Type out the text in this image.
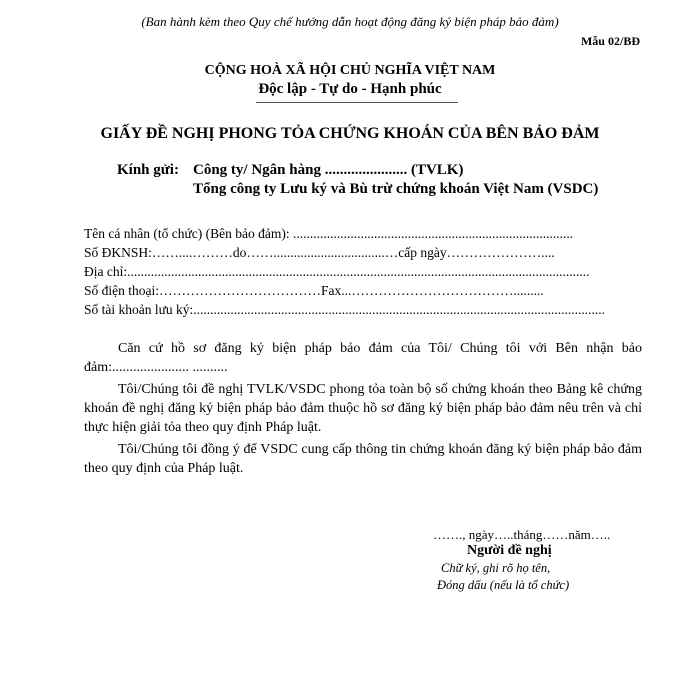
(Ban hành kèm theo Quy chế hướng dẫn hoạt động đăng ký biện pháp bảo đảm)
Mẫu 02/BĐ
CỘNG HOÀ XÃ HỘI CHỦ NGHĨA VIỆT NAM
Độc lập - Tự do - Hạnh phúc
GIẤY ĐỀ NGHỊ PHONG TỎA CHỨNG KHOÁN CỦA BÊN BẢO ĐẢM
Kính gửi: Công ty/ Ngân hàng ...................... (TVLK)
Tổng công ty Lưu ký và Bù trừ chứng khoán Việt Nam (VSDC)
Tên cá nhân (tổ chức) (Bên bảo đảm): ...................................................................................
Số ĐKNSH:……....………do…….................................…cấp ngày…………………....
Địa chỉ:.........................................................................................................................................
Số điện thoại:………………………………Fax...……………………………….........
Số tài khoản lưu ký:..........................................................................................................................
Căn cứ hồ sơ đăng ký biện pháp bảo đảm của Tôi/ Chúng tôi với Bên nhận bảo đảm:...................... ..........
Tôi/Chúng tôi đề nghị TVLK/VSDC phong tỏa toàn bộ số chứng khoán theo Bảng kê chứng khoán đề nghị đăng ký biện pháp bảo đảm thuộc hồ sơ đăng ký biện pháp bảo đảm nêu trên và chỉ thực hiện giải tỏa theo quy định Pháp luật.
Tôi/Chúng tôi đồng ý để VSDC cung cấp thông tin chứng khoán đăng ký biện pháp bảo đảm theo quy định của Pháp luật.
……., ngày…..tháng……năm…..
Người đề nghị
Chữ ký, ghi rõ họ tên,
Đóng dấu (nếu là tổ chức)
